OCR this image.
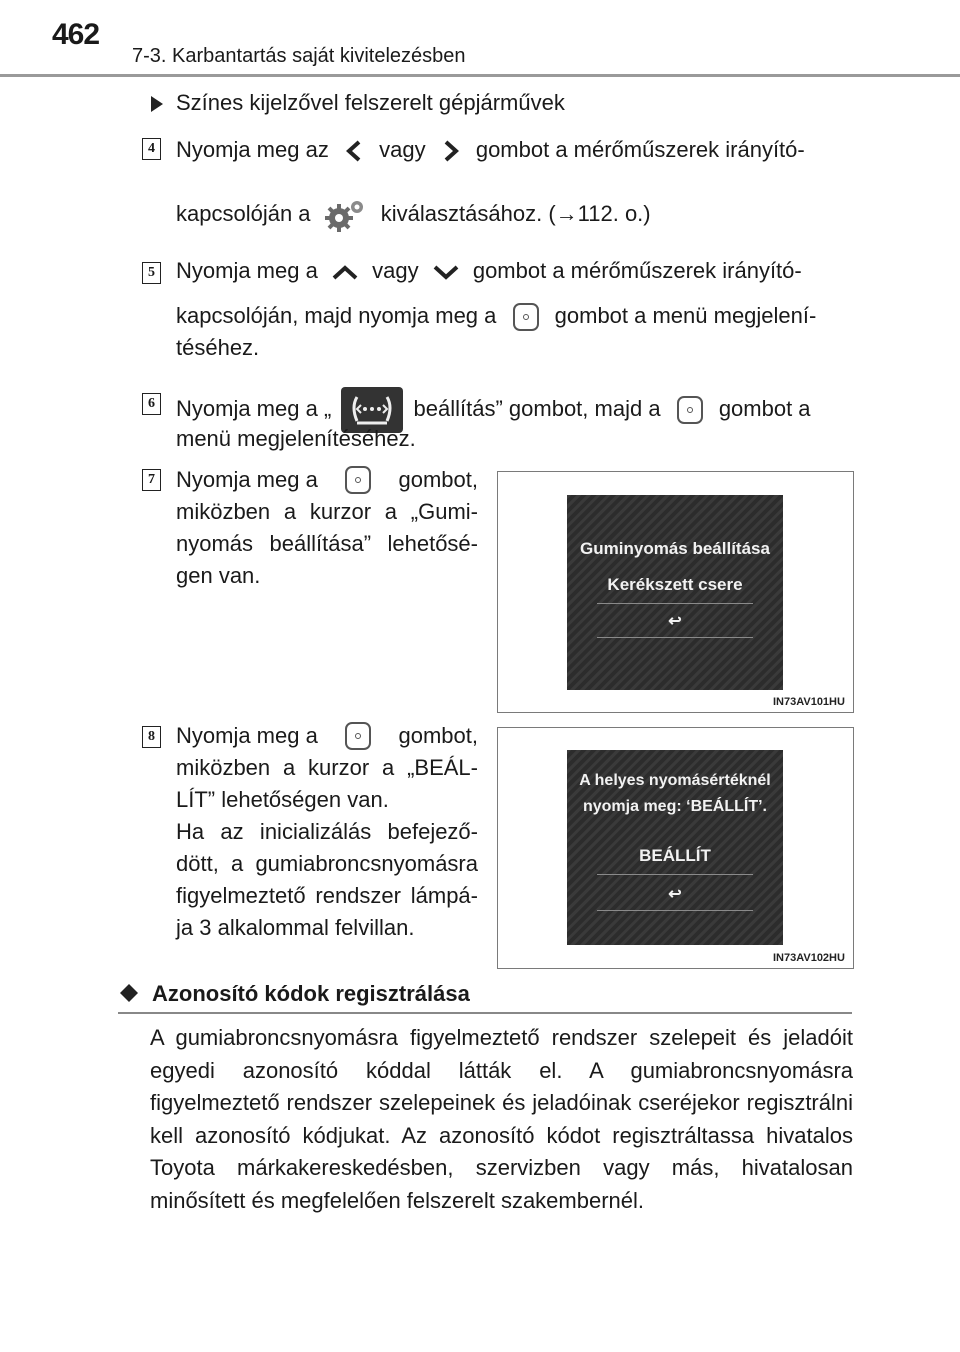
462
7-3. Karbantartás saját kivitelezésben
Színes kijelzővel felszerelt gépjárművek
4 Nyomja meg az vagy gombot a mérőműszerek irányító-
kapcsolóján a	kiválasztásához. (→112. o.)
5 Nyomja meg a vagy gombot a mérőműszerek irányító-
kapcsolóján, majd nyomja meg a	gombot a menü megjelení-
téséhez.
6 Nyomja meg a „	beállítás” gombot, majd a	gombot a
menü megjelenítéséhez.
7 Nyomja meg a	gombot,
miközben a kurzor a „Gumi-
nyomás beállítása” lehetősé-
gen van.
Guminyomás beállítása
Kerékszett csere
↩
IN73AV101HU
8 Nyomja meg a	gombot,
miközben a kurzor a „BEÁL-
LÍT” lehetőségen van.
Ha az inicializálás befejező-
dött, a gumiabroncsnyomásra
figyelmeztető rendszer lámpá-
ja 3 alkalommal felvillan.
A helyes nyomásértéknél
nyomja meg: ‘BEÁLLÍT’.
BEÁLLÍT
↩
IN73AV102HU
Azonosító kódok regisztrálása
A gumiabroncsnyomásra figyelmeztető rendszer szelepeit és jeladóit egyedi azonosító kóddal látták el. A gumiabroncsnyomásra figyelmeztető rendszer szelepeinek és jeladóinak cseréjekor regisztrálni kell azonosító kódjukat. Az azonosító kódot regisztráltassa hivatalos Toyota márkakereskedésben, szervizben vagy más, hivatalosan minősített és megfelelően felszerelt szakembernél.
